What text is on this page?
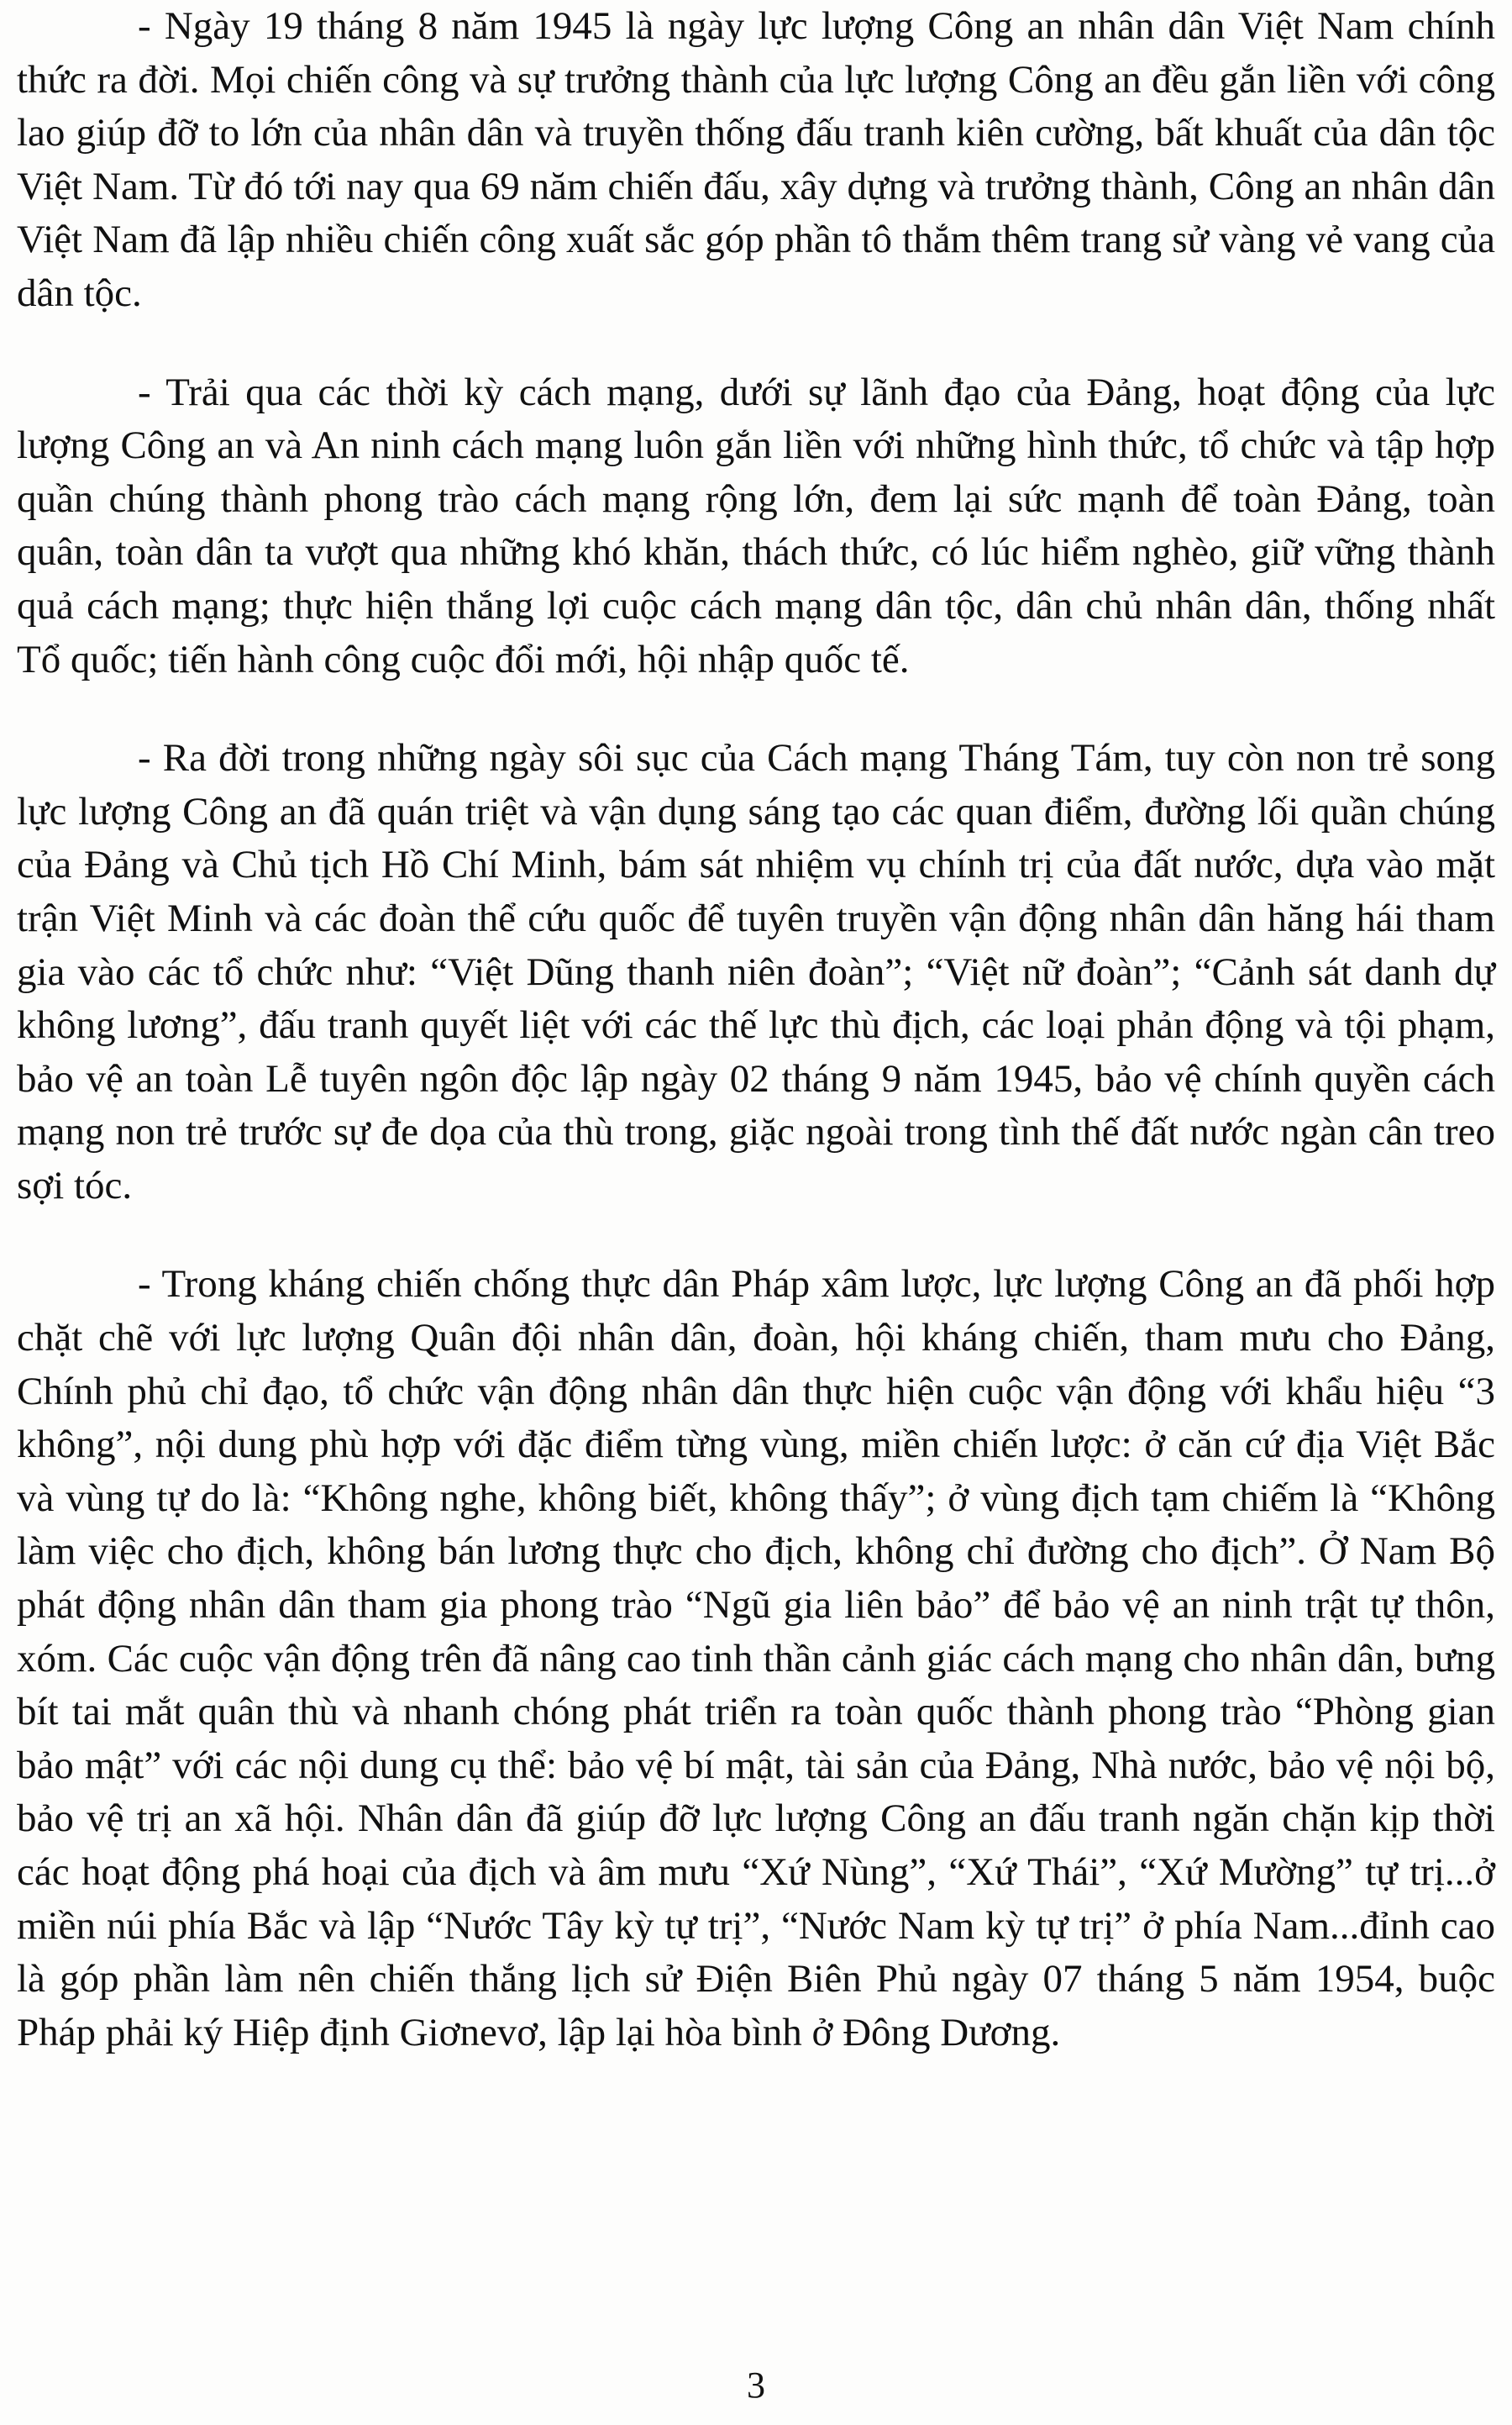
- Ngày 19 tháng 8 năm 1945 là ngày lực lượng Công an nhân dân Việt Nam chính thức ra đời. Mọi chiến công và sự trưởng thành của lực lượng Công an đều gắn liền với công lao giúp đỡ to lớn của nhân dân và truyền thống đấu tranh kiên cường, bất khuất của dân tộc Việt Nam. Từ đó tới nay qua 69 năm chiến đấu, xây dựng và trưởng thành, Công an nhân dân Việt Nam đã lập nhiều chiến công xuất sắc góp phần tô thắm thêm trang sử vàng vẻ vang của dân tộc.

- Trải qua các thời kỳ cách mạng, dưới sự lãnh đạo của Đảng, hoạt động của lực lượng Công an và An ninh cách mạng luôn gắn liền với những hình thức, tổ chức và tập hợp quần chúng thành phong trào cách mạng rộng lớn, đem lại sức mạnh để toàn Đảng, toàn quân, toàn dân ta vượt qua những khó khăn, thách thức, có lúc hiểm nghèo, giữ vững thành quả cách mạng; thực hiện thắng lợi cuộc cách mạng dân tộc, dân chủ nhân dân, thống nhất Tổ quốc; tiến hành công cuộc đổi mới, hội nhập quốc tế.

- Ra đời trong những ngày sôi sục của Cách mạng Tháng Tám, tuy còn non trẻ song lực lượng Công an đã quán triệt và vận dụng sáng tạo các quan điểm, đường lối quần chúng của Đảng và Chủ tịch Hồ Chí Minh, bám sát nhiệm vụ chính trị của đất nước, dựa vào mặt trận Việt Minh và các đoàn thể cứu quốc để tuyên truyền vận động nhân dân hăng hái tham gia vào các tổ chức như: “Việt Dũng thanh niên đoàn”; “Việt nữ đoàn”; “Cảnh sát danh dự không lương”, đấu tranh quyết liệt với các thế lực thù địch, các loại phản động và tội phạm, bảo vệ an toàn Lễ tuyên ngôn độc lập ngày 02 tháng 9 năm 1945, bảo vệ chính quyền cách mạng non trẻ trước sự đe dọa của thù trong, giặc ngoài trong tình thế đất nước ngàn cân treo sợi tóc.

- Trong kháng chiến chống thực dân Pháp xâm lược, lực lượng Công an đã phối hợp chặt chẽ với lực lượng Quân đội nhân dân, đoàn, hội kháng chiến, tham mưu cho Đảng, Chính phủ chỉ đạo, tổ chức vận động nhân dân thực hiện cuộc vận động với khẩu hiệu “3 không”, nội dung phù hợp với đặc điểm từng vùng, miền chiến lược: ở căn cứ địa Việt Bắc và vùng tự do là: “Không nghe, không biết, không thấy”; ở vùng địch tạm chiếm là “Không làm việc cho địch, không bán lương thực cho địch, không chỉ đường cho địch”. Ở Nam Bộ phát động nhân dân tham gia phong trào “Ngũ gia liên bảo” để bảo vệ an ninh trật tự thôn, xóm. Các cuộc vận động trên đã nâng cao tinh thần cảnh giác cách mạng cho nhân dân, bưng bít tai mắt quân thù và nhanh chóng phát triển ra toàn quốc thành phong trào “Phòng gian bảo mật” với các nội dung cụ thể: bảo vệ bí mật, tài sản của Đảng, Nhà nước, bảo vệ nội bộ, bảo vệ trị an xã hội. Nhân dân đã giúp đỡ lực lượng Công an đấu tranh ngăn chặn kịp thời các hoạt động phá hoại của địch và âm mưu “Xứ Nùng”, “Xứ Thái”, “Xứ Mường” tự trị...ở miền núi phía Bắc và lập “Nước Tây kỳ tự trị”, “Nước Nam kỳ tự trị” ở phía Nam...đỉnh cao là góp phần làm nên chiến thắng lịch sử Điện Biên Phủ ngày 07 tháng 5 năm 1954, buộc Pháp phải ký Hiệp định Giơnevơ, lập lại hòa bình ở Đông Dương.

3
